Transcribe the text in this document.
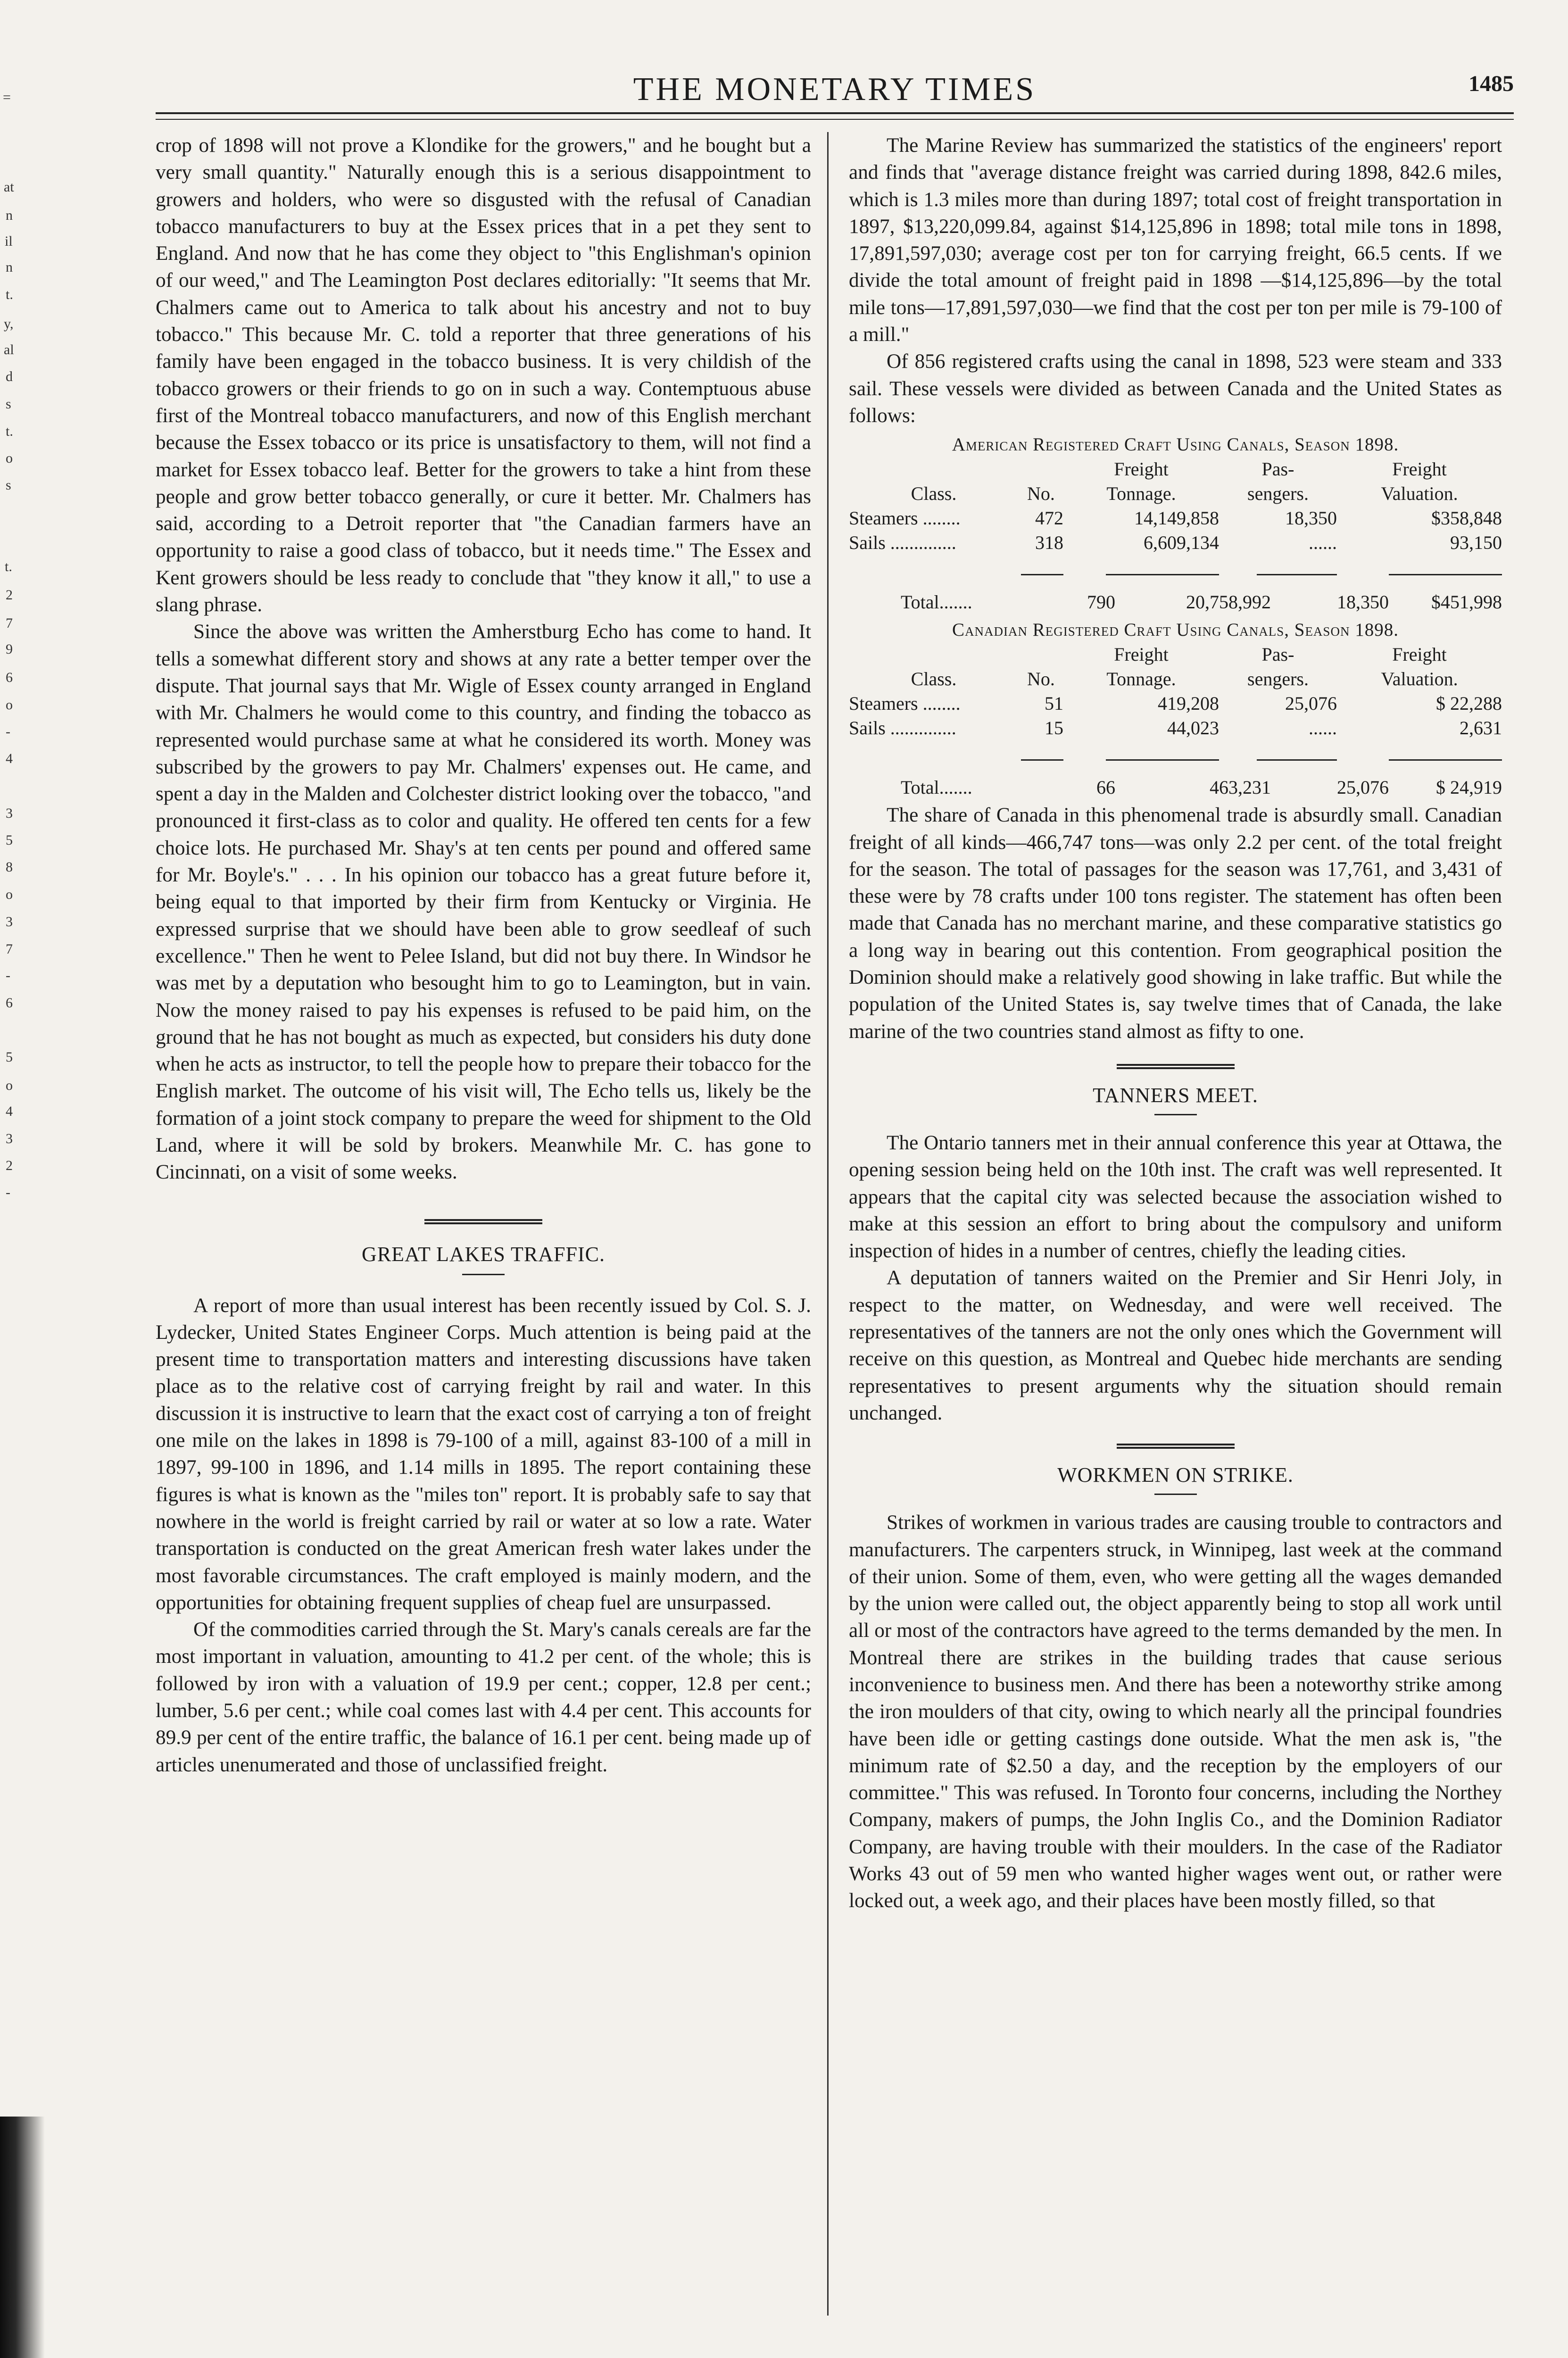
=
at
n
il
n
t.
y,
al
d
s
t.
o
s
t.
2
7
9
6
o
-
4
3
5
8
o
3
7
-
6
5
o
4
3
2
-
THE MONETARY TIMES	1485

crop of 1898 will not prove a Klondike for the growers," and he bought but a very small quantity." Naturally enough this is a serious disappointment to growers and holders, who were so disgusted with the refusal of Canadian tobacco manufacturers to buy at the Essex prices that in a pet they sent to England. And now that he has come they object to "this Englishman's opinion of our weed," and The Leamington Post declares editorially: "It seems that Mr. Chalmers came out to America to talk about his ancestry and not to buy tobacco." This because Mr. C. told a reporter that three generations of his family have been engaged in the tobacco business. It is very childish of the tobacco growers or their friends to go on in such a way. Contemptuous abuse first of the Montreal tobacco manufacturers, and now of this English merchant because the Essex tobacco or its price is unsatisfactory to them, will not find a market for Essex tobacco leaf. Better for the growers to take a hint from these people and grow better tobacco generally, or cure it better. Mr. Chalmers has said, according to a Detroit reporter that "the Canadian farmers have an opportunity to raise a good class of tobacco, but it needs time." The Essex and Kent growers should be less ready to conclude that "they know it all," to use a slang phrase.

Since the above was written the Amherstburg Echo has come to hand. It tells a somewhat different story and shows at any rate a better temper over the dispute. That journal says that Mr. Wigle of Essex county arranged in England with Mr. Chalmers he would come to this country, and finding the tobacco as represented would purchase same at what he considered its worth. Money was subscribed by the growers to pay Mr. Chalmers' expenses out. He came, and spent a day in the Malden and Colchester district looking over the tobacco, "and pronounced it first-class as to color and quality. He offered ten cents for a few choice lots. He purchased Mr. Shay's at ten cents per pound and offered same for Mr. Boyle's." . . . In his opinion our tobacco has a great future before it, being equal to that imported by their firm from Kentucky or Virginia. He expressed surprise that we should have been able to grow seedleaf of such excellence." Then he went to Pelee Island, but did not buy there. In Windsor he was met by a deputation who besought him to go to Leamington, but in vain. Now the money raised to pay his expenses is refused to be paid him, on the ground that he has not bought as much as expected, but considers his duty done when he acts as instructor, to tell the people how to prepare their tobacco for the English market. The outcome of his visit will, The Echo tells us, likely be the formation of a joint stock company to prepare the weed for shipment to the Old Land, where it will be sold by brokers. Meanwhile Mr. C. has gone to Cincinnati, on a visit of some weeks.

GREAT LAKES TRAFFIC.

A report of more than usual interest has been recently issued by Col. S. J. Lydecker, United States Engineer Corps. Much attention is being paid at the present time to transportation matters and interesting discussions have taken place as to the relative cost of carrying freight by rail and water. In this discussion it is instructive to learn that the exact cost of carrying a ton of freight one mile on the lakes in 1898 is 79-100 of a mill, against 83-100 of a mill in 1897, 99-100 in 1896, and 1.14 mills in 1895. The report containing these figures is what is known as the "miles ton" report. It is probably safe to say that nowhere in the world is freight carried by rail or water at so low a rate. Water transportation is conducted on the great American fresh water lakes under the most favorable circumstances. The craft employed is mainly modern, and the opportunities for obtaining frequent supplies of cheap fuel are unsurpassed.

Of the commodities carried through the St. Mary's canals cereals are far the most important in valuation, amounting to 41.2 per cent. of the whole; this is followed by iron with a valuation of 19.9 per cent.; copper, 12.8 per cent.; lumber, 5.6 per cent.; while coal comes last with 4.4 per cent. This accounts for 89.9 per cent of the entire traffic, the balance of 16.1 per cent. being made up of articles unenumerated and those of unclassified freight.

The Marine Review has summarized the statistics of the engineers' report and finds that "average distance freight was carried during 1898, 842.6 miles, which is 1.3 miles more than during 1897; total cost of freight transportation in 1897, $13,220,099.84, against $14,125,896 in 1898; total mile tons in 1898, 17,891,597,030; average cost per ton for carrying freight, 66.5 cents. If we divide the total amount of freight paid in 1898 —$14,125,896—by the total mile tons—17,891,597,030—we find that the cost per ton per mile is 79-100 of a mill."

Of 856 registered crafts using the canal in 1898, 523 were steam and 333 sail. These vessels were divided as between Canada and the United States as follows:

American Registered Craft Using Canals, Season 1898.
		Freight	Pas-	Freight
Class.	No.	Tonnage.	sengers.	Valuation.
Steamers ........	472	14,149,858	18,350	$358,848
Sails ..............	318	6,609,134	......	93,150
Total.......	790	20,758,992	18,350	$451,998
Canadian Registered Craft Using Canals, Season 1898.
		Freight	Pas-	Freight
Class.	No.	Tonnage.	sengers.	Valuation.
Steamers ........	51	419,208	25,076	$ 22,288
Sails ..............	15	44,023	......	2,631
Total.......	66	463,231	25,076	$ 24,919

The share of Canada in this phenomenal trade is absurdly small. Canadian freight of all kinds—466,747 tons—was only 2.2 per cent. of the total freight for the season. The total of passages for the season was 17,761, and 3,431 of these were by 78 crafts under 100 tons register. The statement has often been made that Canada has no merchant marine, and these comparative statistics go a long way in bearing out this contention. From geographical position the Dominion should make a relatively good showing in lake traffic. But while the population of the United States is, say twelve times that of Canada, the lake marine of the two countries stand almost as fifty to one.

TANNERS MEET.

The Ontario tanners met in their annual conference this year at Ottawa, the opening session being held on the 10th inst. The craft was well represented. It appears that the capital city was selected because the association wished to make at this session an effort to bring about the compulsory and uniform inspection of hides in a number of centres, chiefly the leading cities.

A deputation of tanners waited on the Premier and Sir Henri Joly, in respect to the matter, on Wednesday, and were well received. The representatives of the tanners are not the only ones which the Government will receive on this question, as Montreal and Quebec hide merchants are sending representatives to present arguments why the situation should remain unchanged.

WORKMEN ON STRIKE.

Strikes of workmen in various trades are causing trouble to contractors and manufacturers. The carpenters struck, in Winnipeg, last week at the command of their union. Some of them, even, who were getting all the wages demanded by the union were called out, the object apparently being to stop all work until all or most of the contractors have agreed to the terms demanded by the men. In Montreal there are strikes in the building trades that cause serious inconvenience to business men. And there has been a noteworthy strike among the iron moulders of that city, owing to which nearly all the principal foundries have been idle or getting castings done outside. What the men ask is, "the minimum rate of $2.50 a day, and the reception by the employers of our committee." This was refused. In Toronto four concerns, including the Northey Company, makers of pumps, the John Inglis Co., and the Dominion Radiator Company, are having trouble with their moulders. In the case of the Radiator Works 43 out of 59 men who wanted higher wages went out, or rather were locked out, a week ago, and their places have been mostly filled, so that
